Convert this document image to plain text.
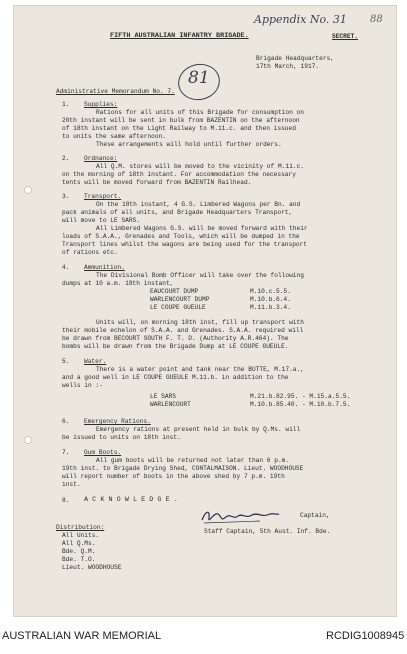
Appendix No. 31 88
FIFTH AUSTRALIAN INFANTRY BRIGADE.	SECRET.
Brigade Headquarters,
17th March, 1917.
81
Administrative Memorandum No. 7.
1. Supplies:
Rations for all units of this Brigade for consumption on
20th instant will be sent in bulk from BAZENTIN on the afternoon
of 18th instant on the Light Railway to M.11.c. and then issued
to units the same afternoon.
These arrangements will hold until further orders.
2. Ordnance:
All Q.M. stores will be moved to the vicinity of M.11.c.
on the morning of 18th instant. For accommodation the necessary
tents will be moved forward from BAZENTIN Railhead.
3. Transport.
On the 18th instant, 4 G.S. Limbered Wagons per Bn. and
pack animals of all units, and Brigade Headquarters Transport,
will move to LE SARS.
All Limbered Wagons G.S. will be moved forward with their
loads of S.A.A., Grenades and Tools, which will be dumped in the
Transport lines whilst the wagons are being used for the transport
of rations etc.
4. Ammunition.
The Divisional Bomb Officer will take over the following
dumps at 10 a.m. 18th instant,
EAUCOURT DUMP	M.10.c.5.5.
WARLENCOURT DUMP	M.10.b.6.4.
LE COUPE GUEULE	M.11.b.3.4.
Units will, on morning 18th inst, fill up transport with
their mobile echelon of S.A.A. and Grenades. S.A.A. required will
be drawn from BECOURT SOUTH F. T. D. (Authority A.R.464). The
bombs will be drawn from the Brigade Dump at LE COUPE GUEULE.
5. Water.
There is a water point and tank near the BUTTE, M.17.a.,
and a good well in LE COUPE GUEULE M.11.b. in addition to the
wells in :-
LE SARS	M.21.b.82.95. - M.15.a.5.5.
WARLENCOURT	M.10.b.85.40. - M.10.b.7.5.
6. Emergency Rations.
Emergency rations at present held in bulk by Q.Ms. will
be issued to units on 18th inst.
7. Gum Boots.
All gum boots will be returned not later than 6 p.m.
19th inst. to Brigade Drying Shed, CONTALMAISON. Lieut. WOODHOUSE
will report number of boots in the above shed by 7 p.m. 19th
inst.
8. A C K N O W L E D G E .
Captain,
Staff Captain, 5th Aust. Inf. Bde.
Distribution:
All Units.
All Q.Ms.
Bde. Q.M.
Bde. T.O.
Lieut. WOODHOUSE
AUSTRALIAN WAR MEMORIAL	RCDIG1008945
